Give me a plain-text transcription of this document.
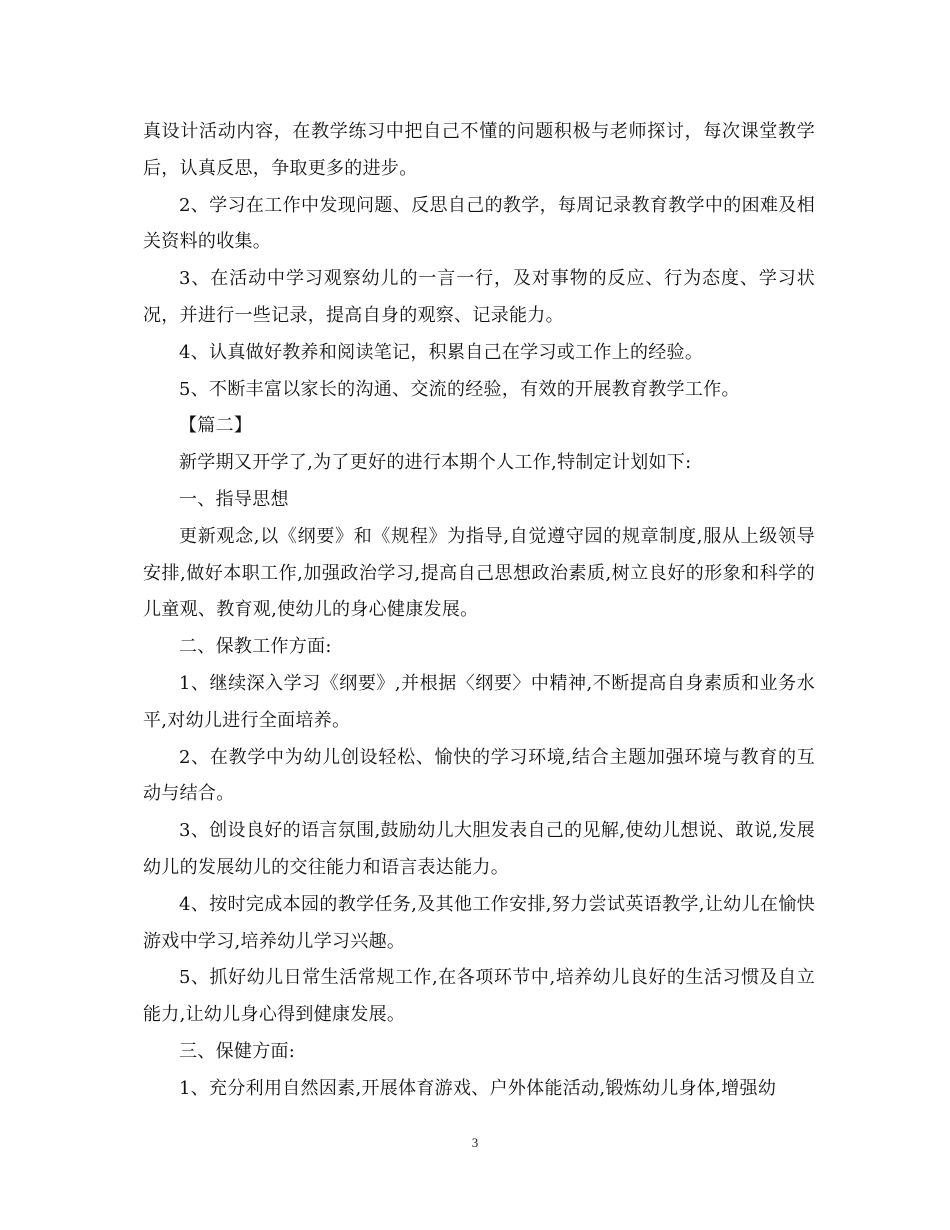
真设计活动内容，在教学练习中把自己不懂的问题积极与老师探讨，每次课堂教学后，认真反思，争取更多的进步。

2、学习在工作中发现问题、反思自己的教学，每周记录教育教学中的困难及相关资料的收集。

3、在活动中学习观察幼儿的一言一行，及对事物的反应、行为态度、学习状况，并进行一些记录，提高自身的观察、记录能力。

4、认真做好教养和阅读笔记，积累自己在学习或工作上的经验。

5、不断丰富以家长的沟通、交流的经验，有效的开展教育教学工作。

【篇二】

新学期又开学了,为了更好的进行本期个人工作,特制定计划如下:

一、指导思想

更新观念,以《纲要》和《规程》为指导,自觉遵守园的规章制度,服从上级领导安排,做好本职工作,加强政治学习,提高自己思想政治素质,树立良好的形象和科学的儿童观、教育观,使幼儿的身心健康发展。

二、保教工作方面:

1、继续深入学习《纲要》,并根据〈纲要〉中精神,不断提高自身素质和业务水平,对幼儿进行全面培养。

2、在教学中为幼儿创设轻松、愉快的学习环境,结合主题加强环境与教育的互动与结合。

3、创设良好的语言氛围,鼓励幼儿大胆发表自己的见解,使幼儿想说、敢说,发展幼儿的发展幼儿的交往能力和语言表达能力。

4、按时完成本园的教学任务,及其他工作安排,努力尝试英语教学,让幼儿在愉快游戏中学习,培养幼儿学习兴趣。

5、抓好幼儿日常生活常规工作,在各项环节中,培养幼儿良好的生活习惯及自立能力,让幼儿身心得到健康发展。

三、保健方面:

1、充分利用自然因素,开展体育游戏、户外体能活动,锻炼幼儿身体,增强幼

3
